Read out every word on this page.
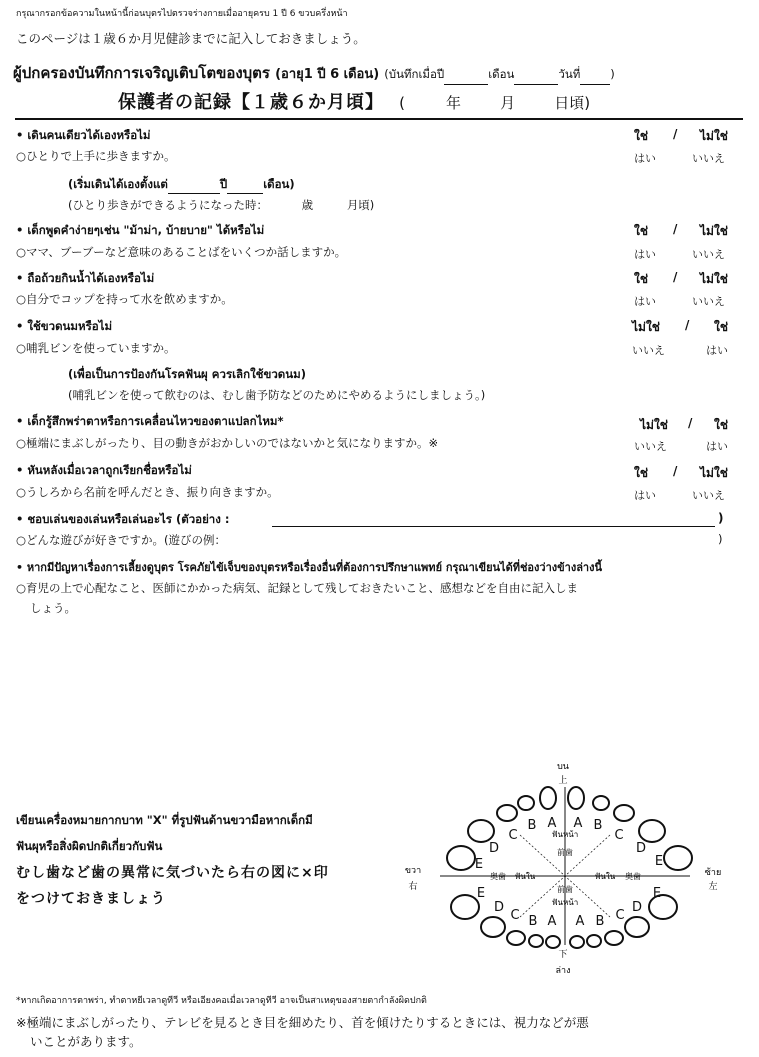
กรุณากรอกข้อความในหน้านี้ก่อนบุตรไปตรวจร่างกายเมื่ออายุครบ 1 ปี 6 ขวบครึ่งหน้า
このページは１歳６か月児健診までに記入しておきましょう。
ผู้ปกครองบันทึกการเจริญเติบโตของบุตร (อายุ1 ปี 6 เดือน) (บันทึกเมื่อปี	เดือน	วันที่	)
保護者の記録【１歳６か月頃】 (	年	月	日頃)
• เดินคนเดียวได้เองหรือไม่
○ひとりで上手に歩きますか。
ใช่ / ไม่ใช่
はい	いいえ
(เริ่มเดินได้เองตั้งแต่	ปี	เดือน)
(ひとり歩きができるようになった時：	歳	月頃)
• เด็กพูดคำง่ายๆเช่น "ม้าม่า, บ้ายบาย" ได้หรือไม่
○ママ、ブーブーなど意味のあることばをいくつか話しますか。
ใช่ / ไม่ใช่
はい	いいえ
• ถือถ้วยกินน้ำได้เองหรือไม่
○自分でコップを持って水を飲めますか。
ใช่ / ไม่ใช่
はい	いいえ
• ใช้ขวดนมหรือไม่
○哺乳ビンを使っていますか。
ไม่ใช่ / ใช่
いいえ	はい
(เพื่อเป็นการป้องกันโรคฟันผุ ควรเลิกใช้ขวดนม)
(哺乳ビンを使って飲むのは、むし歯予防などのためにやめるようにしましょう。)
• เด็กรู้สึกพร่าตาหรือการเคลื่อนไหวของตาแปลกไหม*
○極端にまぶしがったり、目の動きがおかしいのではないかと気になりますか。※
ไม่ใช่ / ใช่
いいえ	はい
• หันหลังเมื่อเวลาถูกเรียกชื่อหรือไม่
○うしろから名前を呼んだとき、振り向きますか。
ใช่ / ไม่ใช่
はい	いいえ
• ชอบเล่นของเล่นหรือเล่นอะไร (ตัวอย่าง :	)
○どんな遊びが好きですか。(遊びの例：	)
• หากมีปัญหาเรื่องการเลี้ยงดูบุตร โรคภัยไข้เจ็บของบุตรหรือเรื่องอื่นที่ต้องการปรึกษาแพทย์ กรุณาเขียนได้ที่ช่องว่างข้างล่างนี้
○育児の上で心配なこと、医師にかかった病気、記録として残しておきたいこと、感想などを自由に記入しま
しょう。
เขียนเครื่องหมายกากบาท "X" ที่รูปฟันด้านขวามือหากเด็กมี
ฟันผุหรือสิ่งผิดปกติเกี่ยวกับฟัน
むし歯など歯の異常に気づいたら右の図に×印
をつけておきましょう
บน
上
下
ล่าง
ขวา
右
ซ้าย
左
ฟันหน้า
前歯
前歯
ฟันหน้า
奥歯 ฟันใน	ฟันใน 奥歯
E
D
C
B A A B
C
D
E
E
D
C B A A B C
D
E
*หากเกิดอาการตาพร่า, ทำตาหยีเวลาดูทีวี หรือเอียงคอเมื่อเวลาดูทีวี อาจเป็นสาเหตุของสายตากำลังผิดปกติ
※極端にまぶしがったり、テレビを見るとき目を細めたり、首を傾けたりするときには、視力などが悪
いことがあります。
